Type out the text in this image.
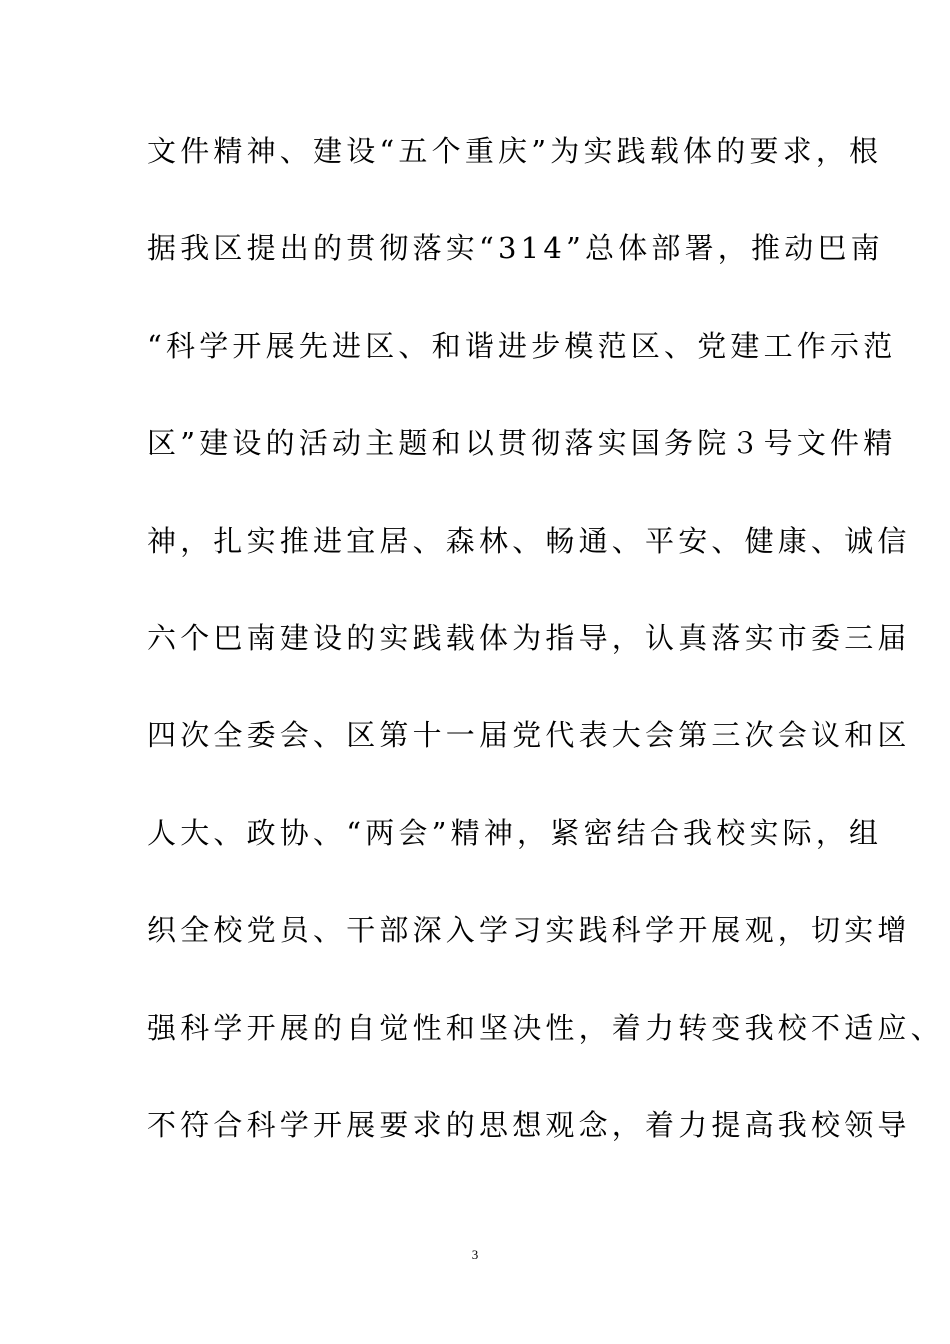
文件精神、建设“五个重庆”为实践载体的要求，根
据我区提出的贯彻落实“314”总体部署，推动巴南
“科学开展先进区、和谐进步模范区、党建工作示范
区”建设的活动主题和以贯彻落实国务院３号文件精
神，扎实推进宜居、森林、畅通、平安、健康、诚信
六个巴南建设的实践载体为指导，认真落实市委三届
四次全委会、区第十一届党代表大会第三次会议和区
人大、政协、“两会”精神，紧密结合我校实际，组
织全校党员、干部深入学习实践科学开展观，切实增
强科学开展的自觉性和坚决性，着力转变我校不适应、
不符合科学开展要求的思想观念，着力提高我校领导
3
